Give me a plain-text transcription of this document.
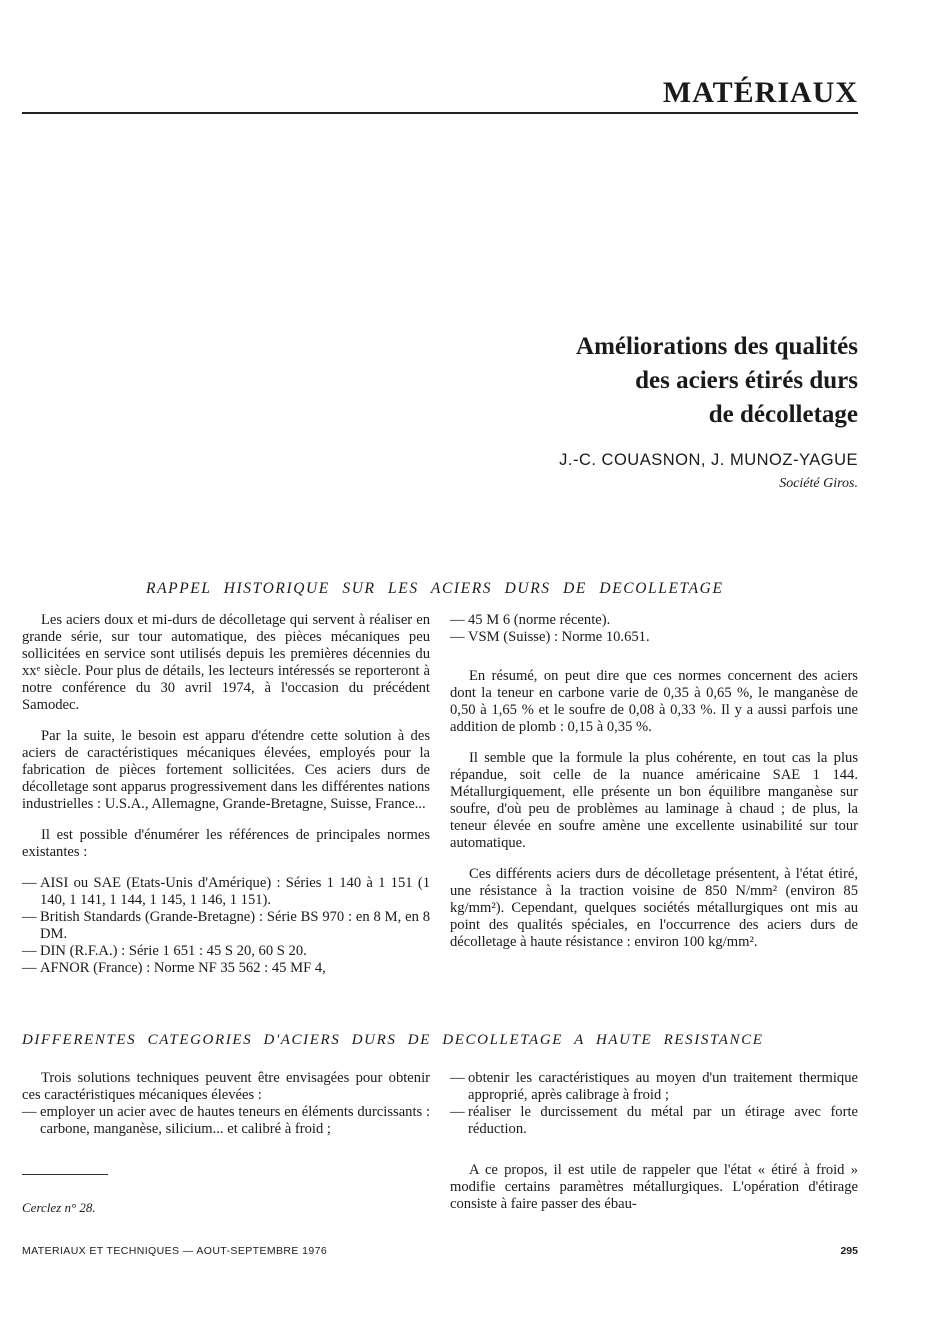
MATÉRIAUX
Améliorations des qualités
des aciers étirés durs
de décolletage
J.-C. COUASNON, J. MUNOZ-YAGUE
Société Giros.
RAPPEL HISTORIQUE SUR LES ACIERS DURS DE DECOLLETAGE

Les aciers doux et mi-durs de décolletage qui servent à réaliser en grande série, sur tour automatique, des pièces mécaniques peu sollicitées en service sont utilisés depuis les premières décennies du xxᵉ siècle. Pour plus de détails, les lecteurs intéressés se reporteront à notre conférence du 30 avril 1974, à l'occasion du précédent Samodec.

Par la suite, le besoin est apparu d'étendre cette solution à des aciers de caractéristiques mécaniques élevées, employés pour la fabrication de pièces fortement sollicitées. Ces aciers durs de décolletage sont apparus progressivement dans les différentes nations industrielles : U.S.A., Allemagne, Grande-Bretagne, Suisse, France...

Il est possible d'énumérer les références de principales normes existantes :

— AISI ou SAE (Etats-Unis d'Amérique) : Séries 1 140 à 1 151 (1 140, 1 141, 1 144, 1 145, 1 146, 1 151).
— British Standards (Grande-Bretagne) : Série BS 970 : en 8 M, en 8 DM.
— DIN (R.F.A.) : Série 1 651 : 45 S 20, 60 S 20.
— AFNOR (France) : Norme NF 35 562 : 45 MF 4,
— 45 M 6 (norme récente).
— VSM (Suisse) : Norme 10.651.

En résumé, on peut dire que ces normes concernent des aciers dont la teneur en carbone varie de 0,35 à 0,65 %, le manganèse de 0,50 à 1,65 % et le soufre de 0,08 à 0,33 %. Il y a aussi parfois une addition de plomb : 0,15 à 0,35 %.

Il semble que la formule la plus cohérente, en tout cas la plus répandue, soit celle de la nuance américaine SAE 1 144. Métallurgiquement, elle présente un bon équilibre manganèse sur soufre, d'où peu de problèmes au laminage à chaud ; de plus, la teneur élevée en soufre amène une excellente usinabilité sur tour automatique.

Ces différents aciers durs de décolletage présentent, à l'état étiré, une résistance à la traction voisine de 850 N/mm² (environ 85 kg/mm²). Cependant, quelques sociétés métallurgiques ont mis au point des qualités spéciales, en l'occurrence des aciers durs de décolletage à haute résistance : environ 100 kg/mm².

DIFFERENTES CATEGORIES D'ACIERS DURS DE DECOLLETAGE A HAUTE RESISTANCE

Trois solutions techniques peuvent être envisagées pour obtenir ces caractéristiques mécaniques élevées :

— employer un acier avec de hautes teneurs en éléments durcissants : carbone, manganèse, silicium... et calibré à froid ;
— obtenir les caractéristiques au moyen d'un traitement thermique approprié, après calibrage à froid ;
— réaliser le durcissement du métal par un étirage avec forte réduction.

A ce propos, il est utile de rappeler que l'état « étiré à froid » modifie certains paramètres métallurgiques. L'opération d'étirage consiste à faire passer des ébau-

Cerclez n° 28.
MATERIAUX ET TECHNIQUES — AOUT-SEPTEMBRE 1976	295
